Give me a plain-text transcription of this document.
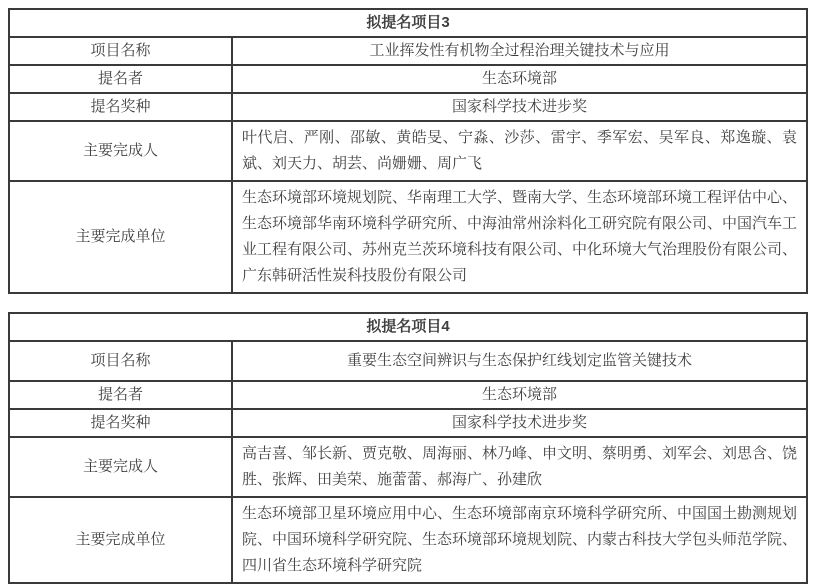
拟提名项目3	
项目名称	工业挥发性有机物全过程治理关键技术与应用
提名者	生态环境部
提名奖种	国家科学技术进步奖
主要完成人	叶代启、严刚、邵敏、黄皓旻、宁淼、沙莎、雷宇、季军宏、吴军良、郑逸璇、袁斌、刘天力、胡芸、尚姗姗、周广飞
主要完成单位	生态环境部环境规划院、华南理工大学、暨南大学、生态环境部环境工程评估中心、生态环境部华南环境科学研究所、中海油常州涂料化工研究院有限公司、中国汽车工业工程有限公司、苏州克兰茨环境科技有限公司、中化环境大气治理股份有限公司、广东韩研活性炭科技股份有限公司
拟提名项目4	
项目名称	重要生态空间辨识与生态保护红线划定监管关键技术
提名者	生态环境部
提名奖种	国家科学技术进步奖
主要完成人	高吉喜、邹长新、贾克敬、周海丽、林乃峰、申文明、蔡明勇、刘军会、刘思含、饶胜、张辉、田美荣、施蕾蕾、郝海广、孙建欣
主要完成单位	生态环境部卫星环境应用中心、生态环境部南京环境科学研究所、中国国土勘测规划院、中国环境科学研究院、生态环境部环境规划院、内蒙古科技大学包头师范学院、四川省生态环境科学研究院
